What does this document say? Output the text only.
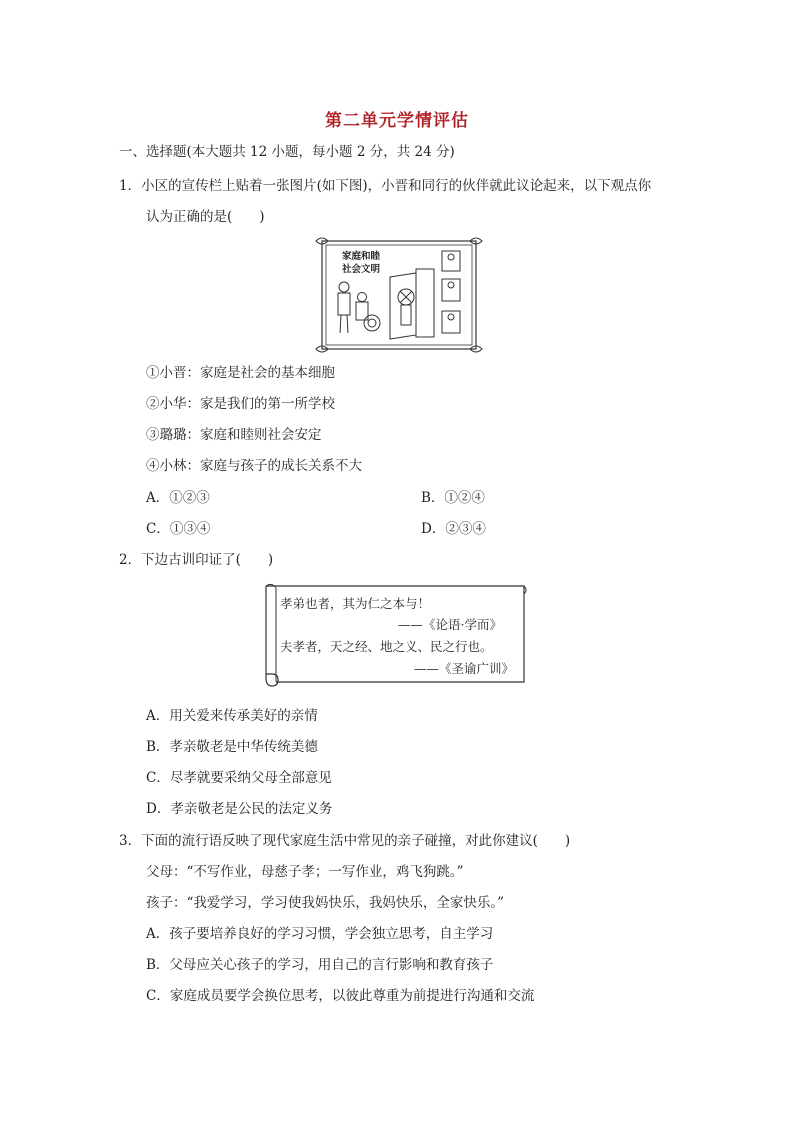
第二单元学情评估
一、选择题(本大题共 12 小题，每小题 2 分，共 24 分)
1．小区的宣传栏上贴着一张图片(如下图)，小晋和同行的伙伴就此议论起来，以下观点你
认为正确的是(　　)
家庭和睦
社会文明
①小晋：家庭是社会的基本细胞
②小华：家是我们的第一所学校
③璐璐：家庭和睦则社会安定
④小林：家庭与孩子的成长关系不大
A．①②③	B．①②④
C．①③④	D．②③④
2．下边古训印证了(　　)
孝弟也者，其为仁之本与！
——《论语·学而》
夫孝者，天之经、地之义、民之行也。
——《圣谕广训》
A．用关爱来传承美好的亲情
B．孝亲敬老是中华传统美德
C．尽孝就要采纳父母全部意见
D．孝亲敬老是公民的法定义务
3．下面的流行语反映了现代家庭生活中常见的亲子碰撞，对此你建议(　　)
父母：“不写作业，母慈子孝；一写作业，鸡飞狗跳。”
孩子：“我爱学习，学习使我妈快乐，我妈快乐，全家快乐。”
A．孩子要培养良好的学习习惯，学会独立思考，自主学习
B．父母应关心孩子的学习，用自己的言行影响和教育孩子
C．家庭成员要学会换位思考，以彼此尊重为前提进行沟通和交流
